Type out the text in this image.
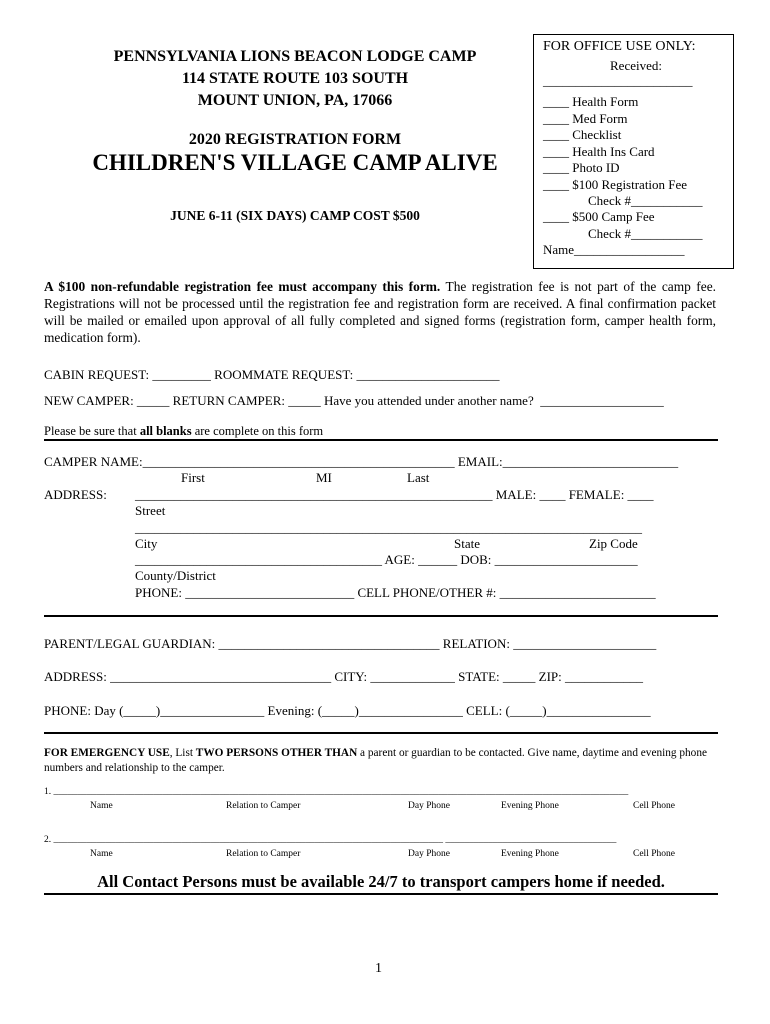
PENNSYLVANIA LIONS BEACON LODGE CAMP
114 STATE ROUTE 103 SOUTH
MOUNT UNION, PA, 17066
2020 REGISTRATION FORM
CHILDREN'S VILLAGE CAMP ALIVE
JUNE 6-11 (SIX DAYS) CAMP COST $500
FOR OFFICE USE ONLY:
Received:
_______________________
____ Health Form
____ Med Form
____ Checklist
____ Health Ins Card
____ Photo ID
____ $100 Registration Fee
Check #___________
____ $500 Camp Fee
Check #___________
Name_________________
A $100 non-refundable registration fee must accompany this form. The registration fee is not part of the camp fee. Registrations will not be processed until the registration fee and registration form are received. A final confirmation packet will be mailed or emailed upon approval of all fully completed and signed forms (registration form, camper health form, medication form).
CABIN REQUEST: _________ ROOMMATE REQUEST: ______________________
NEW CAMPER: _____ RETURN CAMPER: _____ Have you attended under another name?  ___________________
Please be sure that all blanks are complete on this form
CAMPER NAME:________________________________________________ EMAIL:___________________________
First	MI	Last
ADDRESS: _______________________________________________________ MALE: ____ FEMALE: ____
Street
______________________________________________________________________________
City	State	Zip Code
______________________________________ AGE: ______ DOB: ______________________
County/District
PHONE: __________________________ CELL PHONE/OTHER #: ________________________
PARENT/LEGAL GUARDIAN: __________________________________ RELATION: ______________________
ADDRESS: __________________________________ CITY: _____________ STATE: _____ ZIP: ____________
PHONE: Day (_____)________________ Evening: (_____)________________ CELL: (_____)________________
FOR EMERGENCY USE, List TWO PERSONS OTHER THAN a parent or guardian to be contacted. Give name, daytime and evening phone numbers and relationship to the camper.
1. _________________________________________________________________________________________________________________________
Name	Relation to Camper	Day Phone	Evening Phone	Cell Phone
2. __________________________________________________________________________________ ____________________________________
Name	Relation to Camper	Day Phone	Evening Phone	Cell Phone
All Contact Persons must be available 24/7 to transport campers home if needed.
1
